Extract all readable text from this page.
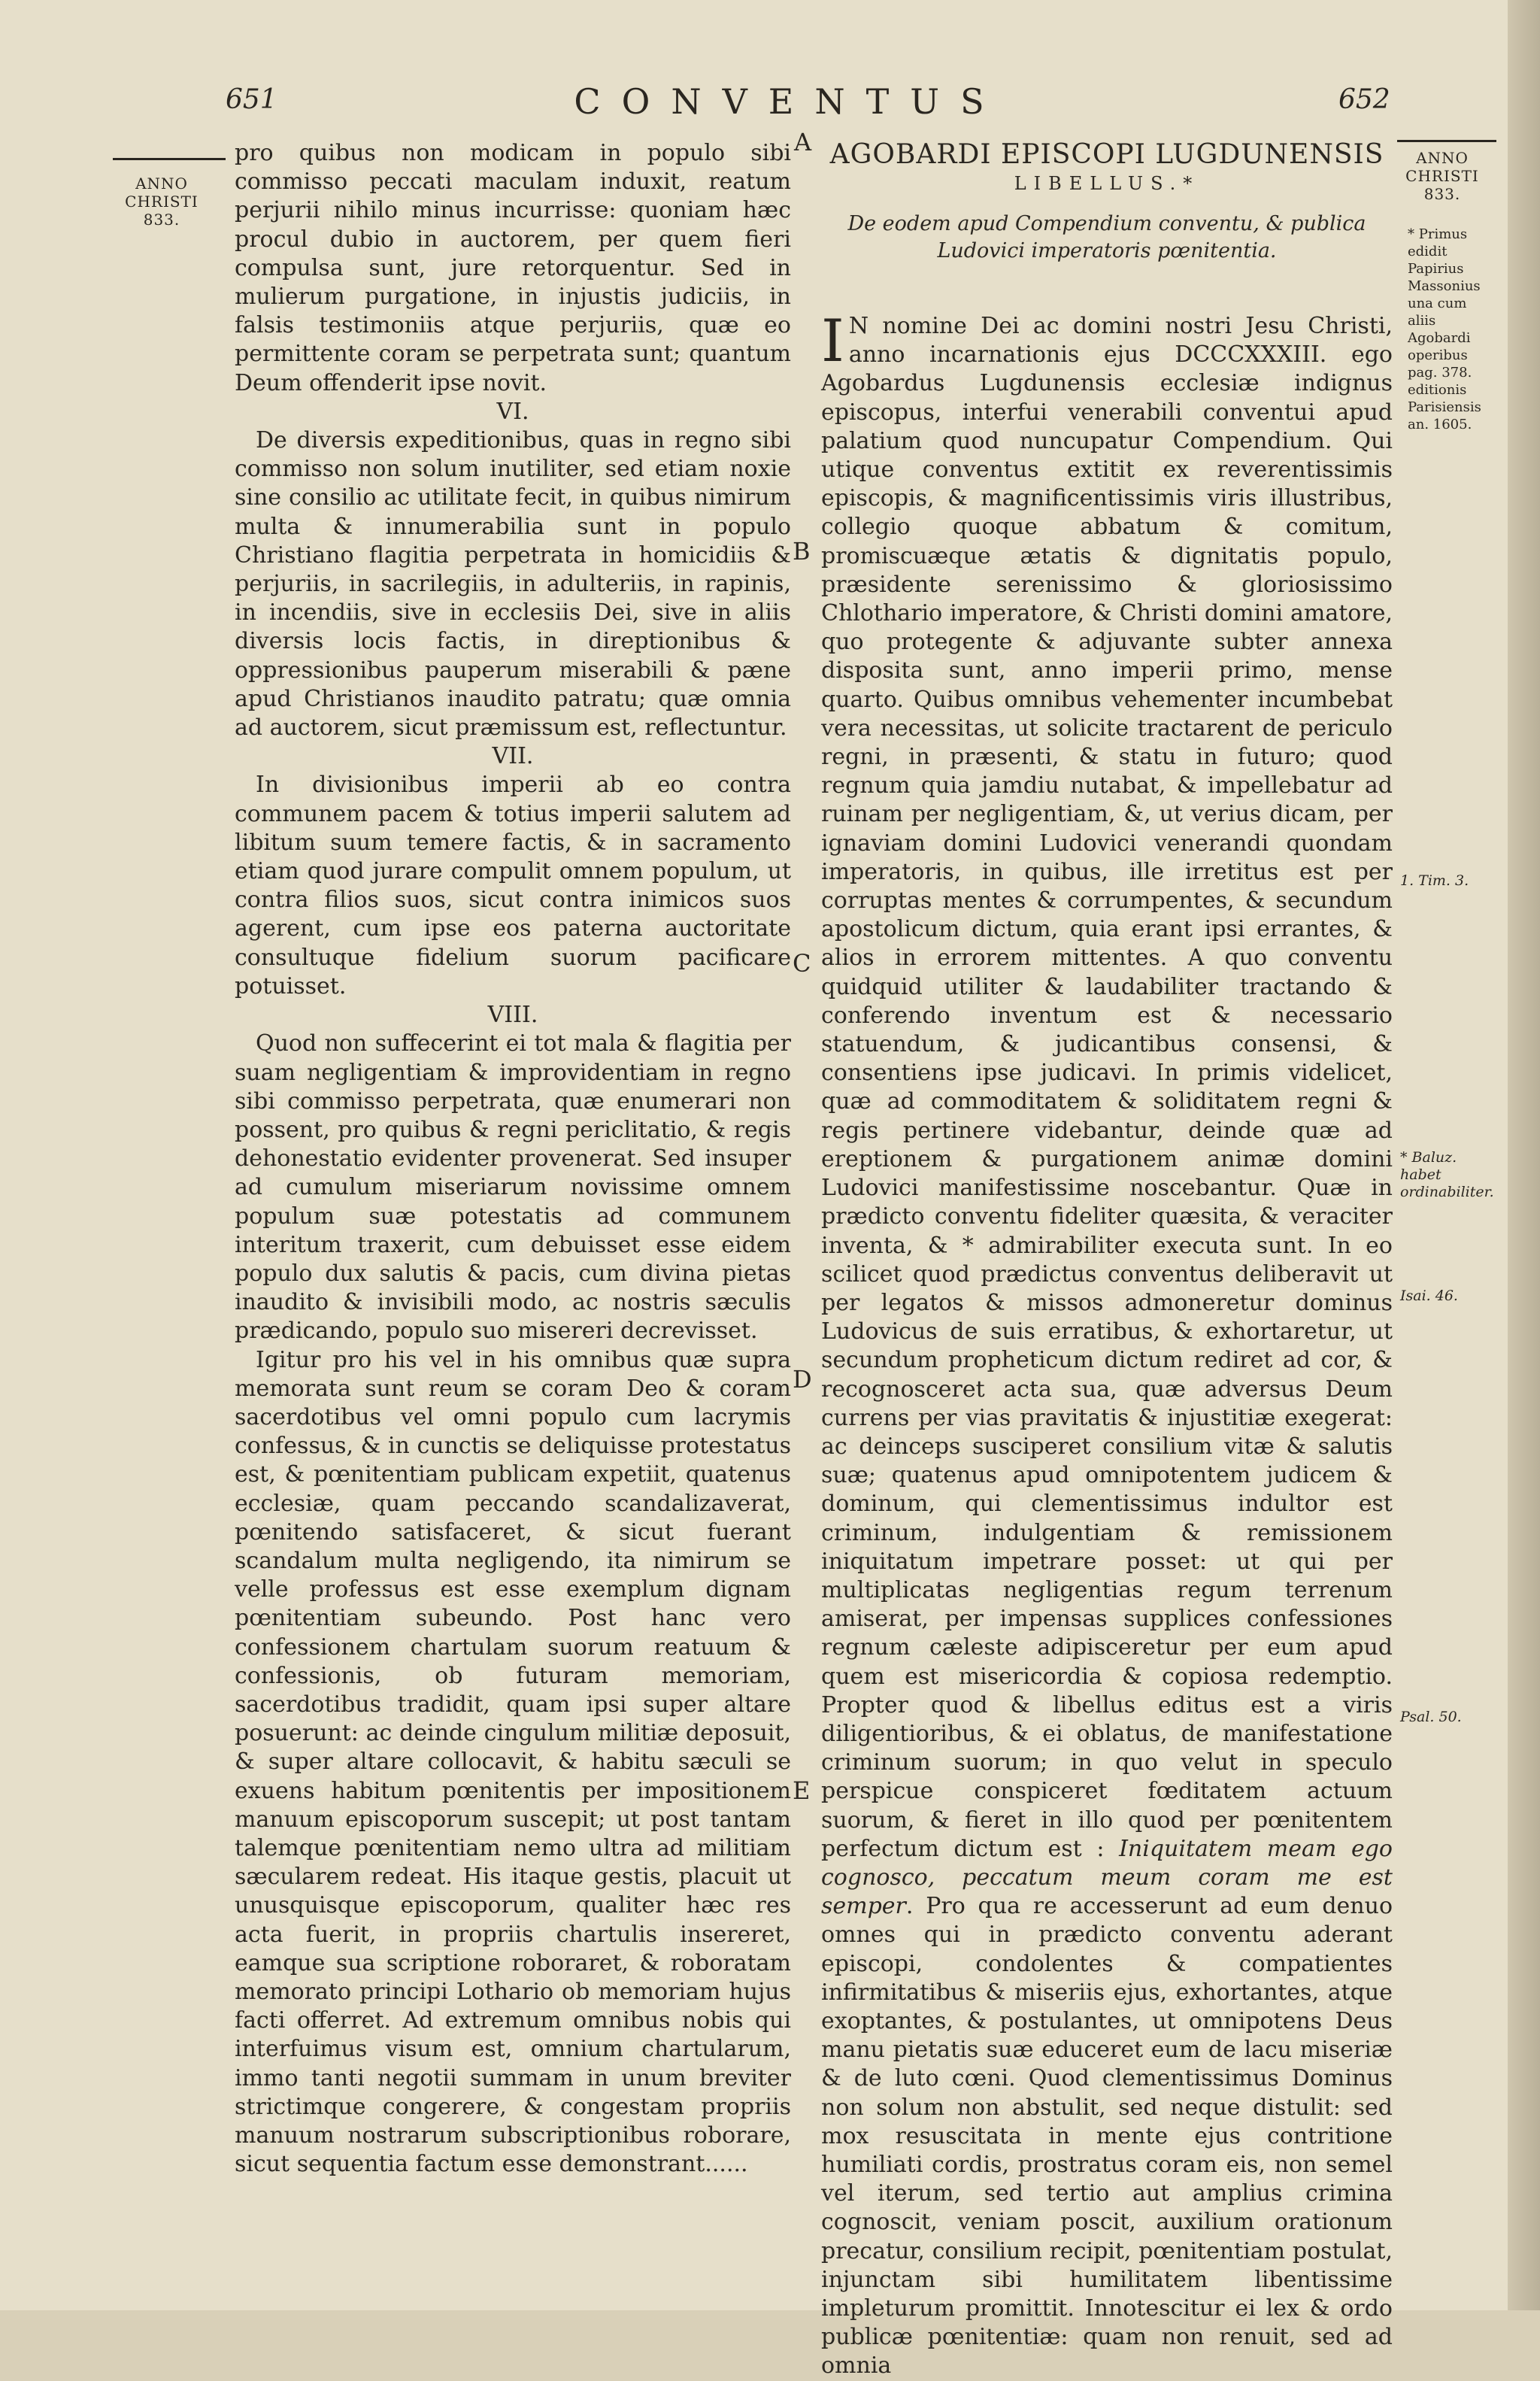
651	CONVENTUS	652
ANNO
CHRISTI
833.
ANNO
CHRISTI
833.
A
B
C
D
E

pro quibus non modicam in populo sibi commisso peccati maculam induxit, reatum perjurii nihilo minus incurrisse: quoniam hæc procul dubio in auctorem, per quem fieri compulsa sunt, jure retorquentur. Sed in mulierum purgatione, in injustis judiciis, in falsis testimoniis atque perjuriis, quæ eo permittente coram se perpetrata sunt; quantum Deum offenderit ipse novit.

VI.

De diversis expeditionibus, quas in regno sibi commisso non solum inutiliter, sed etiam noxie sine consilio ac utilitate fecit, in quibus nimirum multa & innumerabilia sunt in populo Christiano flagitia perpetrata in homicidiis & perjuriis, in sacrilegiis, in adulteriis, in rapinis, in incendiis, sive in ecclesiis Dei, sive in aliis diversis locis factis, in direptionibus & oppressionibus pauperum miserabili & pæne apud Christianos inaudito patratu; quæ omnia ad auctorem, sicut præmissum est, reflectuntur.

VII.

In divisionibus imperii ab eo contra communem pacem & totius imperii salutem ad libitum suum temere factis, & in sacramento etiam quod jurare compulit omnem populum, ut contra filios suos, sicut contra inimicos suos agerent, cum ipse eos paterna auctoritate consultuque fidelium suorum pacificare potuisset.

VIII.

Quod non suffecerint ei tot mala & flagitia per suam negligentiam & improvidentiam in regno sibi commisso perpetrata, quæ enumerari non possent, pro quibus & regni periclitatio, & regis dehonestatio evidenter provenerat. Sed insuper ad cumulum miseriarum novissime omnem populum suæ potestatis ad communem interitum traxerit, cum debuisset esse eidem populo dux salutis & pacis, cum divina pietas inaudito & invisibili modo, ac nostris sæculis prædicando, populo suo misereri decrevisset.

Igitur pro his vel in his omnibus quæ supra memorata sunt reum se coram Deo & coram sacerdotibus vel omni populo cum lacrymis confessus, & in cunctis se deliquisse protestatus est, & pœnitentiam publicam expetiit, quatenus ecclesiæ, quam peccando scandalizaverat, pœnitendo satisfaceret, & sicut fuerant scandalum multa negligendo, ita nimirum se velle professus est esse exemplum dignam pœnitentiam subeundo. Post hanc vero confessionem chartulam suorum reatuum & confessionis, ob futuram memoriam, sacerdotibus tradidit, quam ipsi super altare posuerunt: ac deinde cingulum militiæ deposuit, & super altare collocavit, & habitu sæculi se exuens habitum pœnitentis per impositionem manuum episcoporum suscepit; ut post tantam talemque pœnitentiam nemo ultra ad militiam sæcularem redeat. His itaque gestis, placuit ut unusquisque episcoporum, qualiter hæc res acta fuerit, in propriis chartulis insereret, eamque sua scriptione roboraret, & roboratam memorato principi Lothario ob memoriam hujus facti offerret. Ad extremum omnibus nobis qui interfuimus visum est, omnium chartularum, immo tanti negotii summam in unum breviter strictimque congerere, & congestam propriis manuum nostrarum subscriptionibus roborare, sicut sequentia factum esse demonstrant......

AGOBARDI EPISCOPI LUGDUNENSIS
LIBELLUS.*
De eodem apud Compendium conventu, & publica Ludovici imperatoris pœnitentia.

I N nomine Dei ac domini nostri Jesu Christi, anno incarnationis ejus DCCCXXXIII. ego Agobardus Lugdunensis ecclesiæ indignus episcopus, interfui venerabili conventui apud palatium quod nuncupatur Compendium. Qui utique conventus extitit ex reverentissimis episcopis, & magnificentissimis viris illustribus, collegio quoque abbatum & comitum, promiscuæque ætatis & dignitatis populo, præsidente serenissimo & gloriosissimo Chlothario imperatore, & Christi domini amatore, quo protegente & adjuvante subter annexa disposita sunt, anno imperii primo, mense quarto. Quibus omnibus vehementer incumbebat vera necessitas, ut solicite tractarent de periculo regni, in præsenti, & statu in futuro; quod regnum quia jamdiu nutabat, & impellebatur ad ruinam per negligentiam, &, ut verius dicam, per ignaviam domini Ludovici venerandi quondam imperatoris, in quibus, ille irretitus est per corruptas mentes & corrumpentes, & secundum apostolicum dictum, quia erant ipsi errantes, & alios in errorem mittentes. A quo conventu quidquid utiliter & laudabiliter tractando & conferendo inventum est & necessario statuendum, & judicantibus consensi, & consentiens ipse judicavi. In primis videlicet, quæ ad commoditatem & soliditatem regni & regis pertinere videbantur, deinde quæ ad ereptionem & purgationem animæ domini Ludovici manifestissime noscebantur. Quæ in prædicto conventu fideliter quæsita, & veraciter inventa, & * admirabiliter executa sunt. In eo scilicet quod prædictus conventus deliberavit ut per legatos & missos admoneretur dominus Ludovicus de suis erratibus, & exhortaretur, ut secundum propheticum dictum rediret ad cor, & recognosceret acta sua, quæ adversus Deum currens per vias pravitatis & injustitiæ exegerat: ac deinceps susciperet consilium vitæ & salutis suæ; quatenus apud omnipotentem judicem & dominum, qui clementissimus indultor est criminum, indulgentiam & remissionem iniquitatum impetrare posset: ut qui per multiplicatas negligentias regum terrenum amiserat, per impensas supplices confessiones regnum cæleste adipisceretur per eum apud quem est misericordia & copiosa redemptio. Propter quod & libellus editus est a viris diligentioribus, & ei oblatus, de manifestatione criminum suorum; in quo velut in speculo perspicue conspiceret fœditatem actuum suorum, & fieret in illo quod per pœnitentem perfectum dictum est : Iniquitatem meam ego cognosco, peccatum meum coram me est semper. Pro qua re accesserunt ad eum denuo omnes qui in prædicto conventu aderant episcopi, condolentes & compatientes infirmitatibus & miseriis ejus, exhortantes, atque exoptantes, & postulantes, ut omnipotens Deus manu pietatis suæ educeret eum de lacu miseriæ & de luto cœni. Quod clementissimus Dominus non solum non abstulit, sed neque distulit: sed mox resuscitata in mente ejus contritione humiliati cordis, prostratus coram eis, non semel vel iterum, sed tertio aut amplius crimina cognoscit, veniam poscit, auxilium orationum precatur, consilium recipit, pœnitentiam postulat, injunctam sibi humilitatem libentissime impleturum promittit. Innotescitur ei lex & ordo publicæ pœnitentiæ: quam non renuit, sed ad omnia

* Primus edidit Papirius Massonius una cum aliis Agobardi operibus pag. 378. editionis Parisiensis an. 1605.
1. Tim. 3.
* Baluz. habet ordinabiliter.
Isai. 46.
Psal. 50.
